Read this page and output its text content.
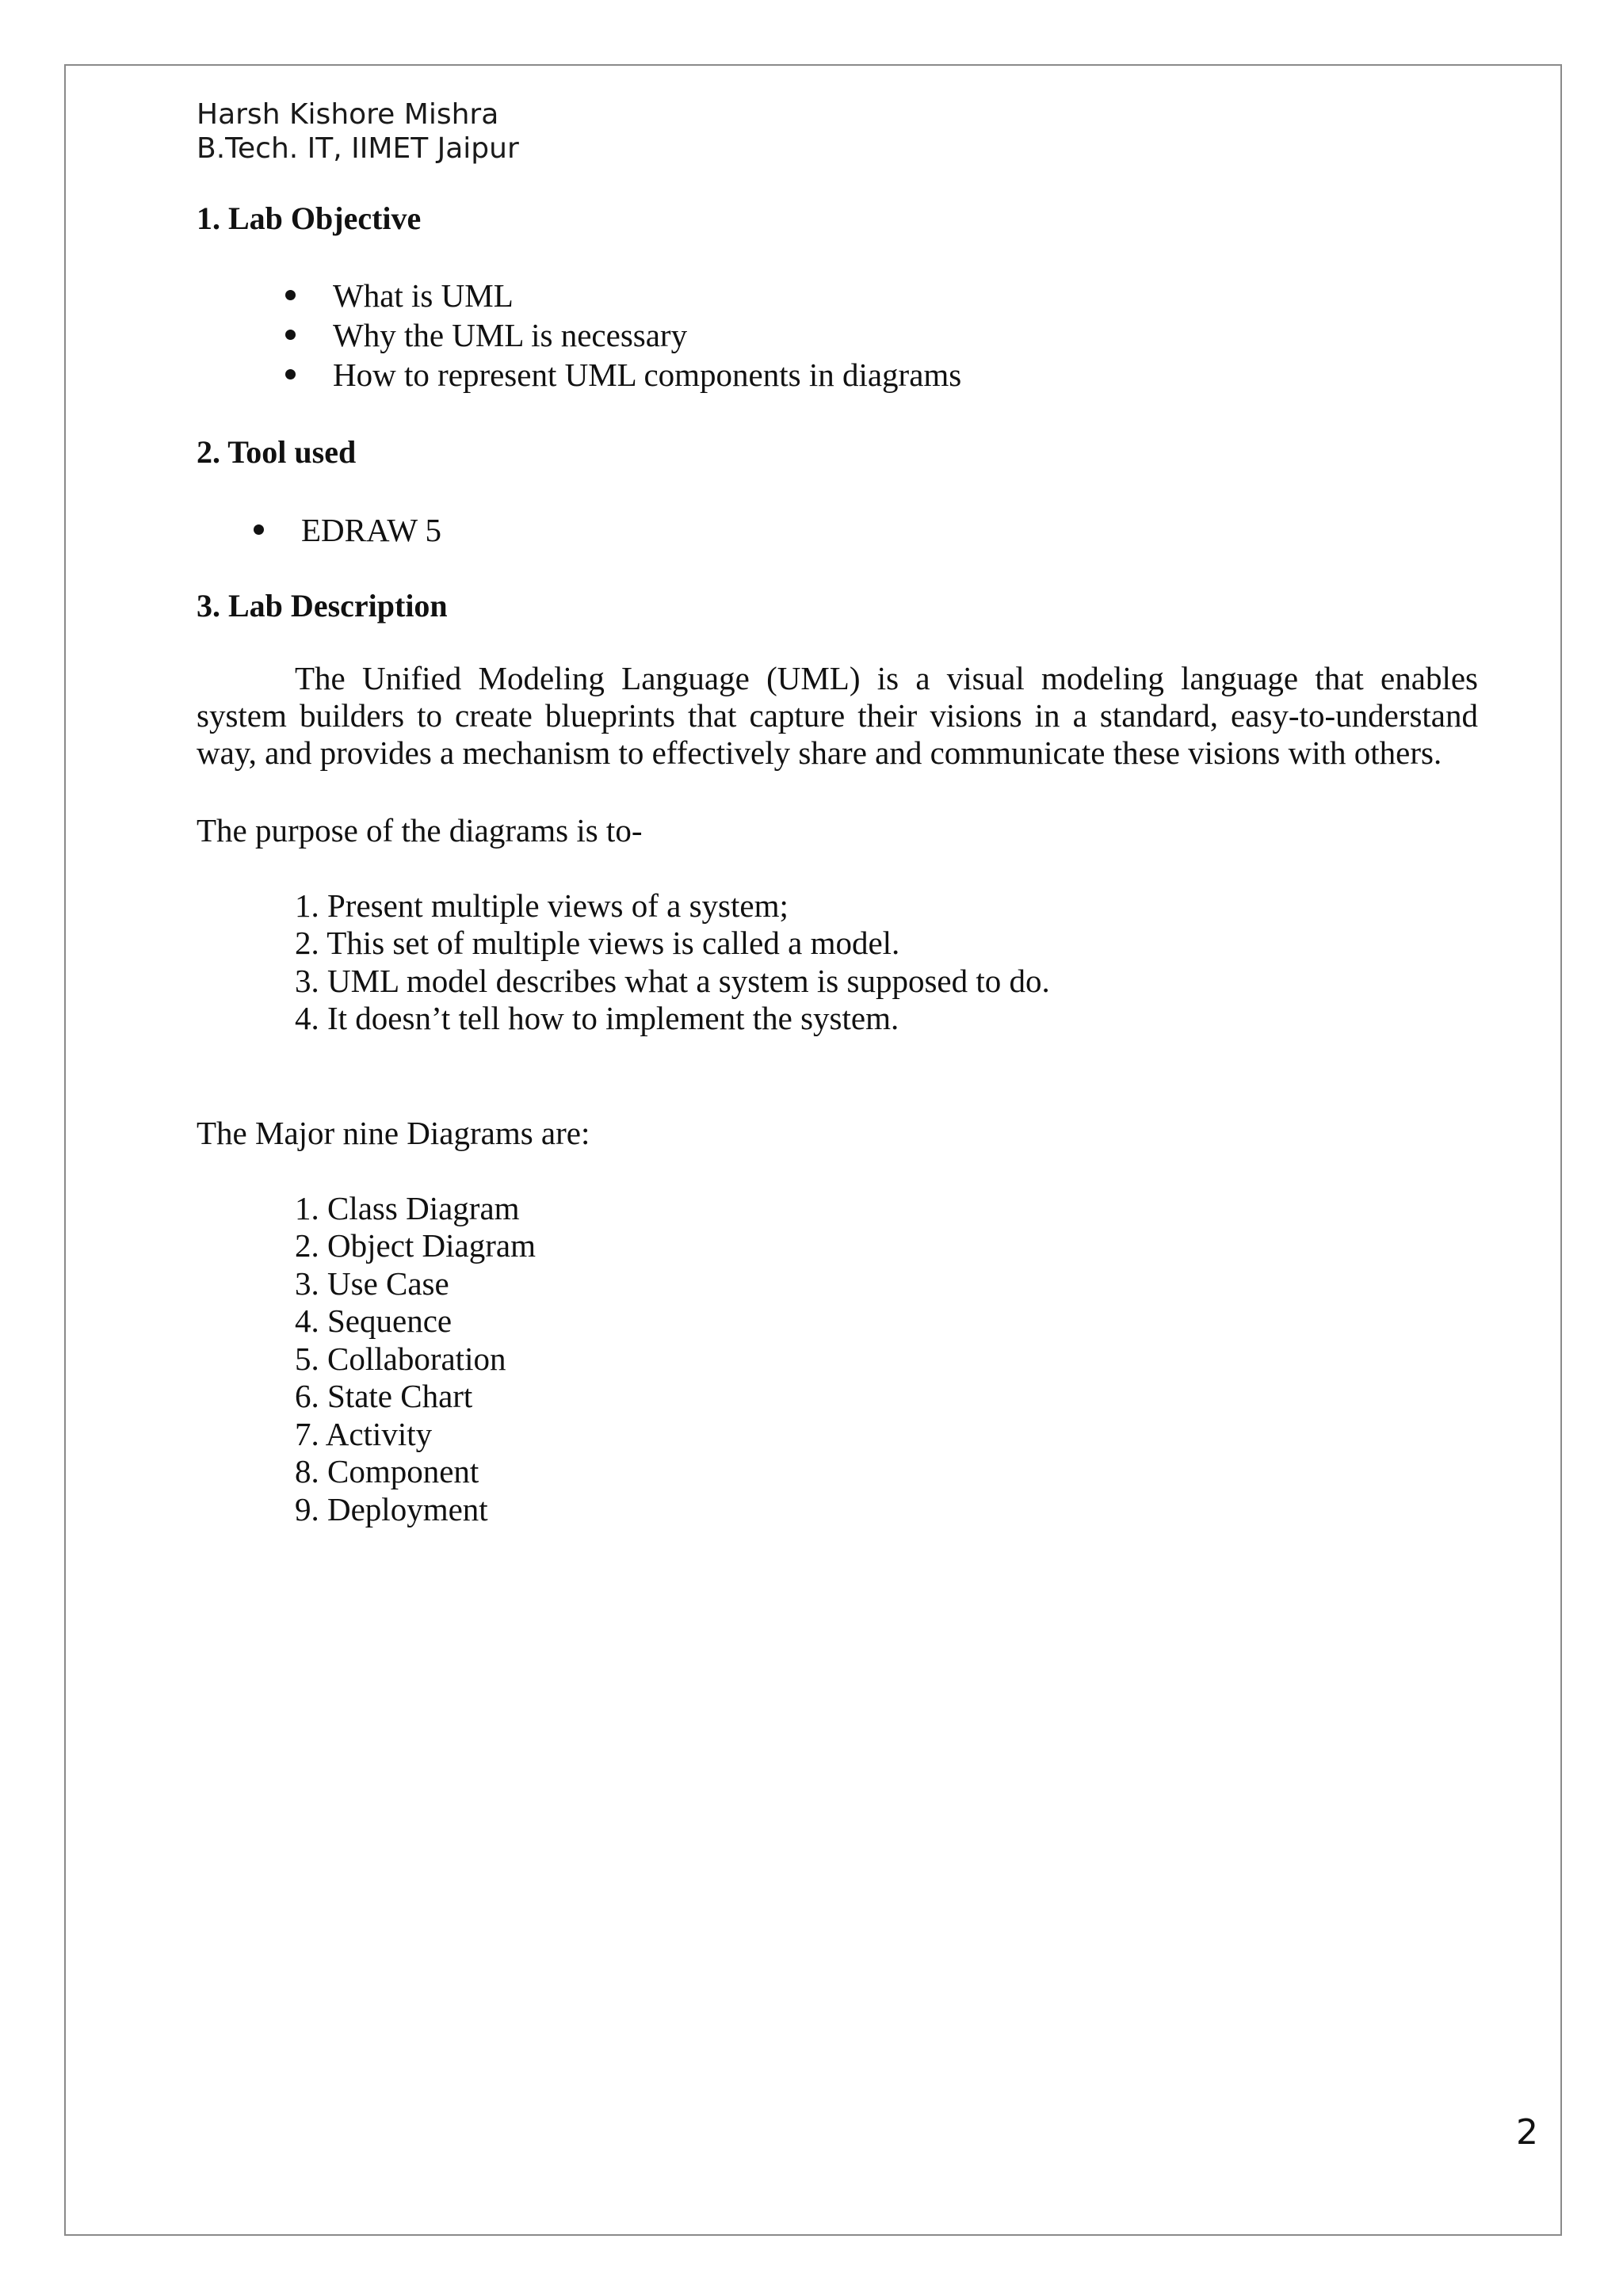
Harsh Kishore Mishra
B.Tech. IT, IIMET Jaipur
1. Lab Objective
What is UML
Why the UML is necessary
How to represent UML components in diagrams
2. Tool used
EDRAW 5
3. Lab Description

The Unified Modeling Language (UML) is a visual modeling language that enables system builders to create blueprints that capture their visions in a standard, easy-to-understand way, and provides a mechanism to effectively share and communicate these visions with others.

The purpose of the diagrams is to-
1. Present multiple views of a system;
2. This set of multiple views is called a model.
3. UML model describes what a system is supposed to do.
4. It doesn’t tell how to implement the system.
The Major nine Diagrams are:
1. Class Diagram
2. Object Diagram
3. Use Case
4. Sequence
5. Collaboration
6. State Chart
7. Activity
8. Component
9. Deployment
2
